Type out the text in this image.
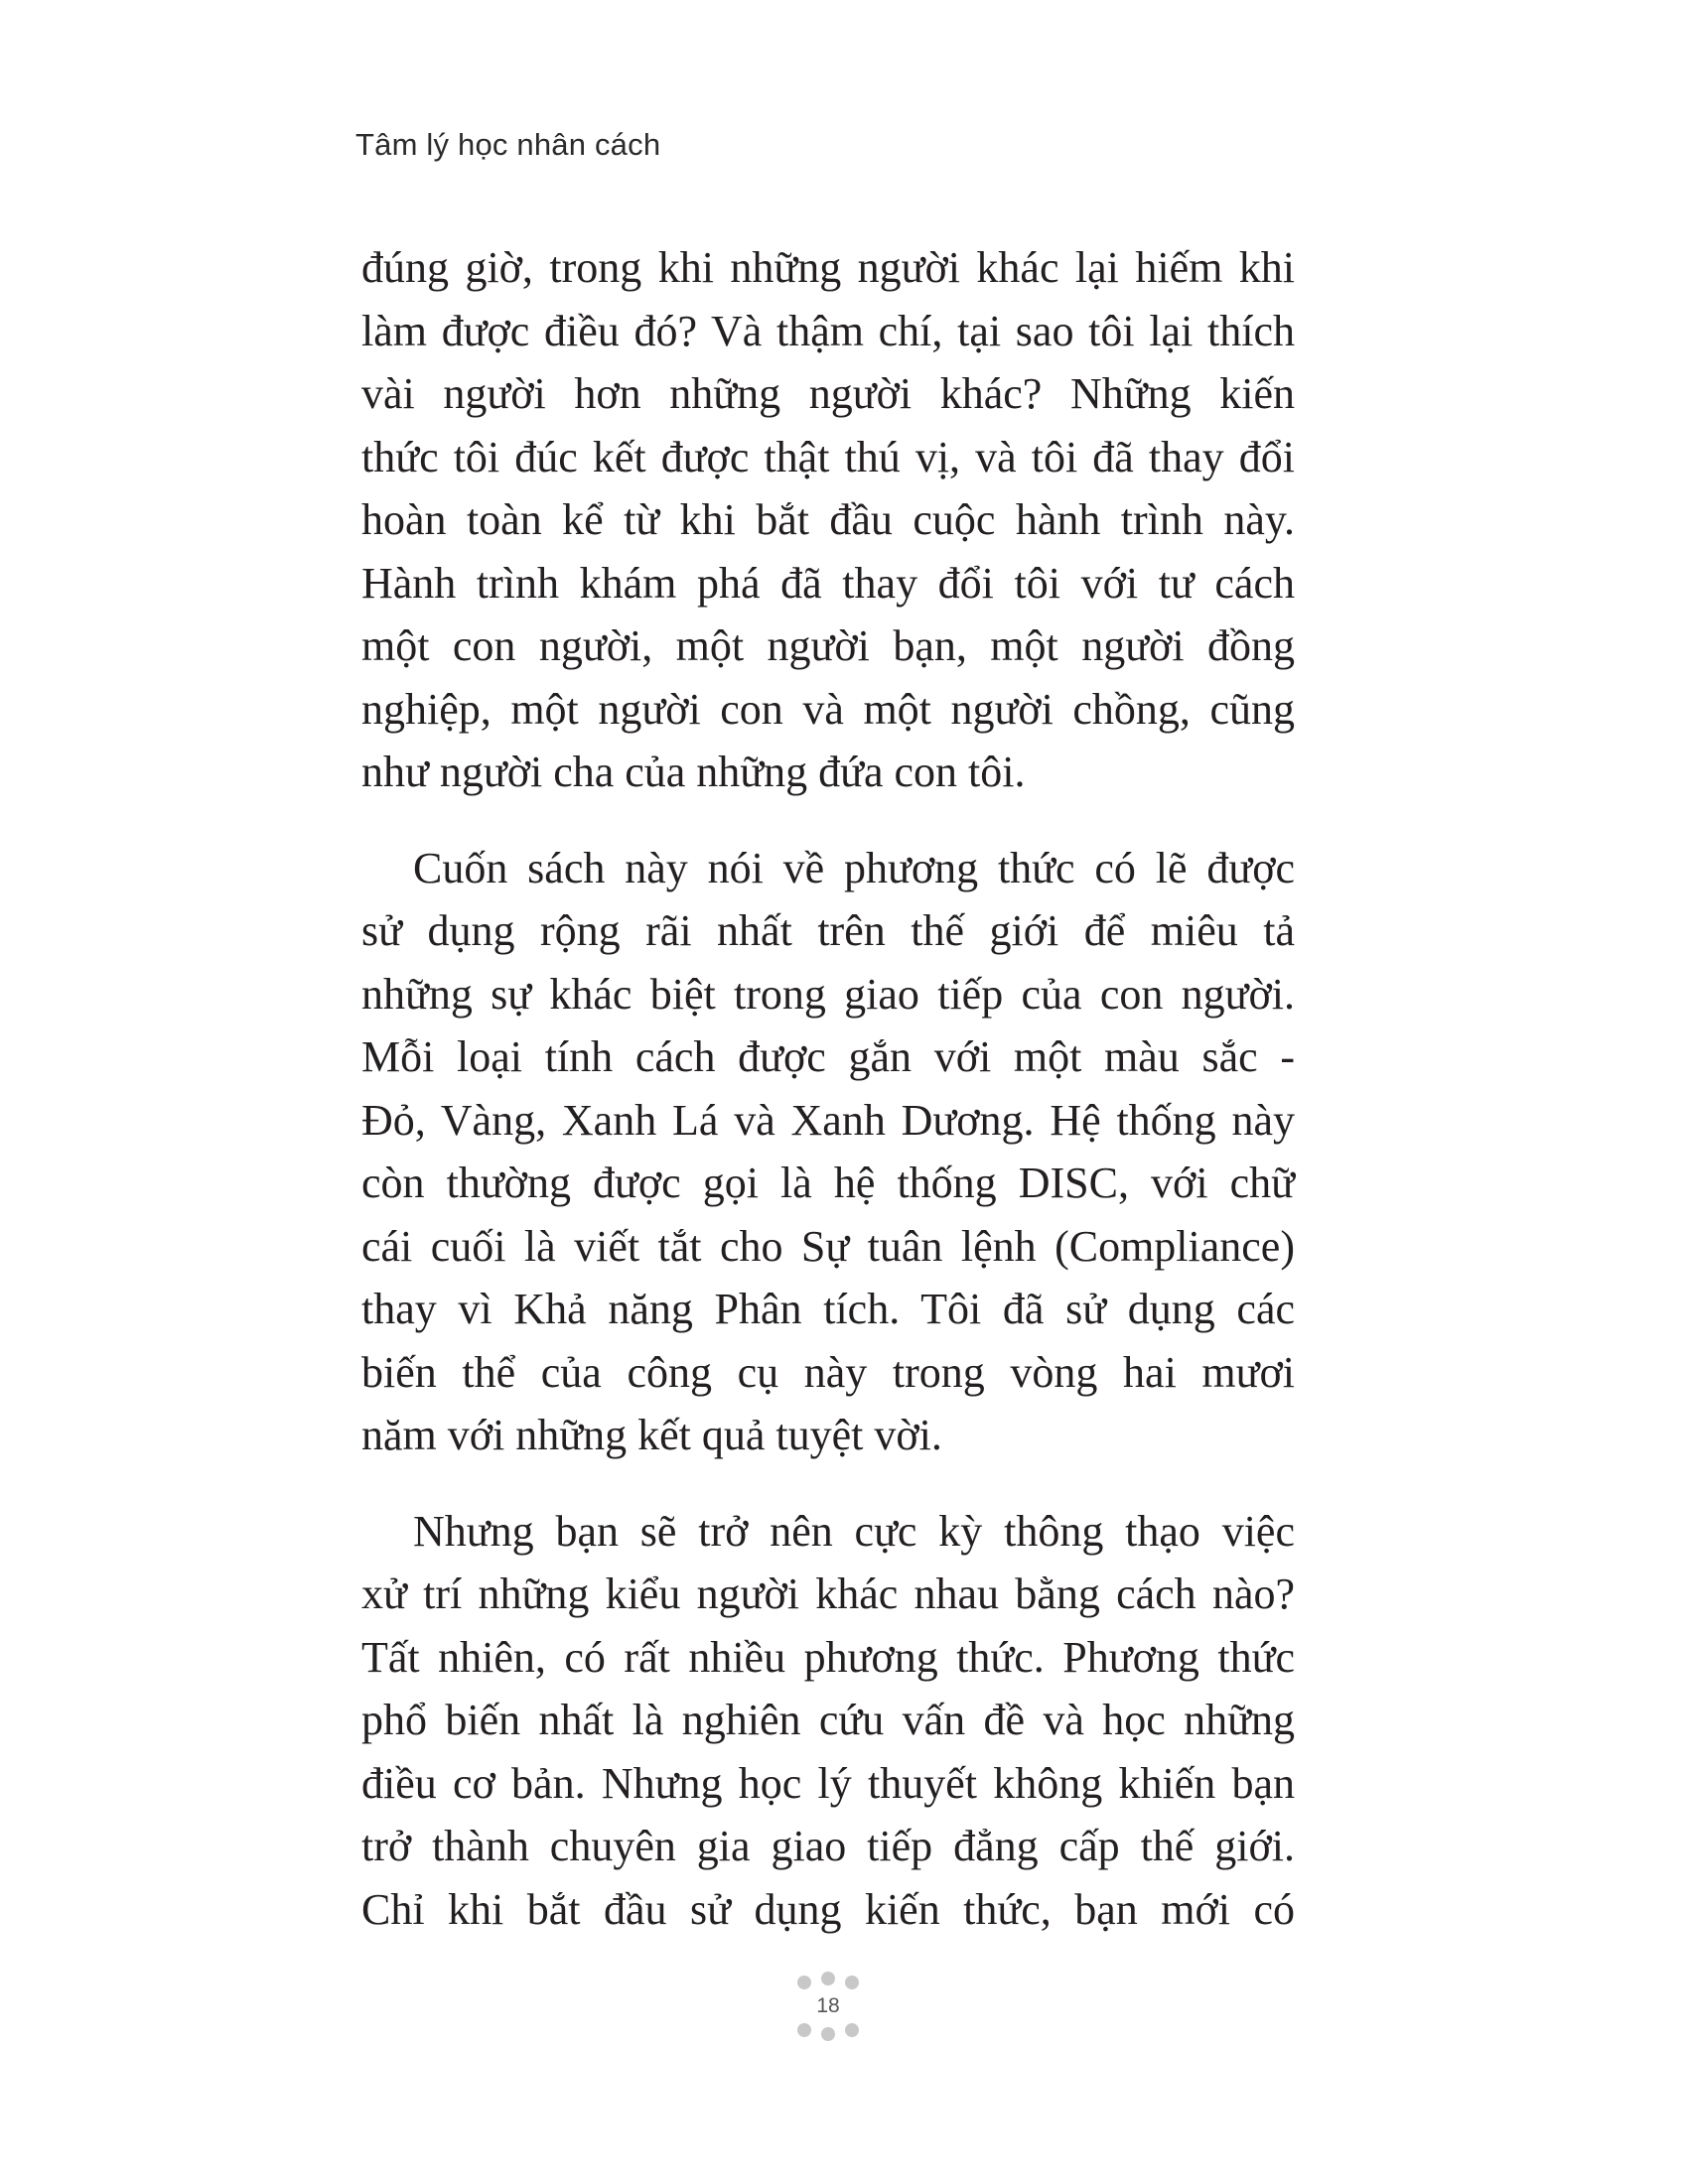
Tâm lý học nhân cách

đúng giờ, trong khi những người khác lại hiếm khi
làm được điều đó? Và thậm chí, tại sao tôi lại thích
vài người hơn những người khác? Những kiến
thức tôi đúc kết được thật thú vị, và tôi đã thay đổi
hoàn toàn kể từ khi bắt đầu cuộc hành trình này.
Hành trình khám phá đã thay đổi tôi với tư cách
một con người, một người bạn, một người đồng
nghiệp, một người con và một người chồng, cũng
như người cha của những đứa con tôi.

Cuốn sách này nói về phương thức có lẽ được
sử dụng rộng rãi nhất trên thế giới để miêu tả
những sự khác biệt trong giao tiếp của con người.
Mỗi loại tính cách được gắn với một màu sắc -
Đỏ, Vàng, Xanh Lá và Xanh Dương. Hệ thống này
còn thường được gọi là hệ thống DISC, với chữ
cái cuối là viết tắt cho Sự tuân lệnh (Compliance)
thay vì Khả năng Phân tích. Tôi đã sử dụng các
biến thể của công cụ này trong vòng hai mươi
năm với những kết quả tuyệt vời.

Nhưng bạn sẽ trở nên cực kỳ thông thạo việc
xử trí những kiểu người khác nhau bằng cách nào?
Tất nhiên, có rất nhiều phương thức. Phương thức
phổ biến nhất là nghiên cứu vấn đề và học những
điều cơ bản. Nhưng học lý thuyết không khiến bạn
trở thành chuyên gia giao tiếp đẳng cấp thế giới.
Chỉ khi bắt đầu sử dụng kiến thức, bạn mới có

18
